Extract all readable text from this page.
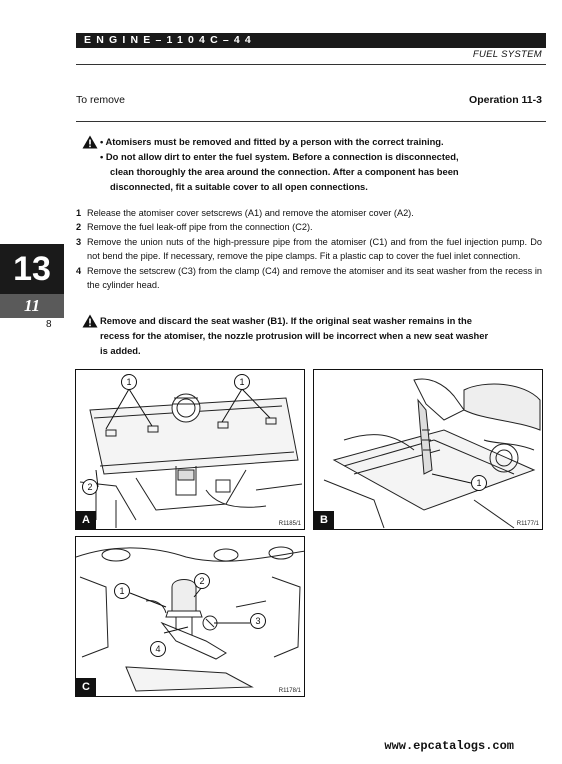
ENGINE–1104C–44
FUEL SYSTEM
To remove	Operation 11-3
• Atomisers must be removed and fitted by a person with the correct training.
• Do not allow dirt to enter the fuel system. Before a connection is disconnected,
clean thoroughly the area around the connection. After a component has been
disconnected, fit a suitable cover to all open connections.
1 Release the atomiser cover setscrews (A1) and remove the atomiser cover (A2).
2 Remove the fuel leak-off pipe from the connection (C2).
3 Remove the union nuts of the high-pressure pipe from the atomiser (C1) and from the fuel injection pump. Do not bend the pipe. If necessary, remove the pipe clamps. Fit a plastic cap to cover the fuel inlet connection.
4 Remove the setscrew (C3) from the clamp (C4) and remove the atomiser and its seat washer from the recess in the cylinder head.
Remove and discard the seat washer (B1). If the original seat washer remains in the
recess for the atomiser, the nozzle protrusion will be incorrect when a new seat washer
is added.
13
11
8
1	1
2
A	R1185/1
1
B	R1177/1
1
2
3
4
C	R1178/1
www.epcatalogs.com
